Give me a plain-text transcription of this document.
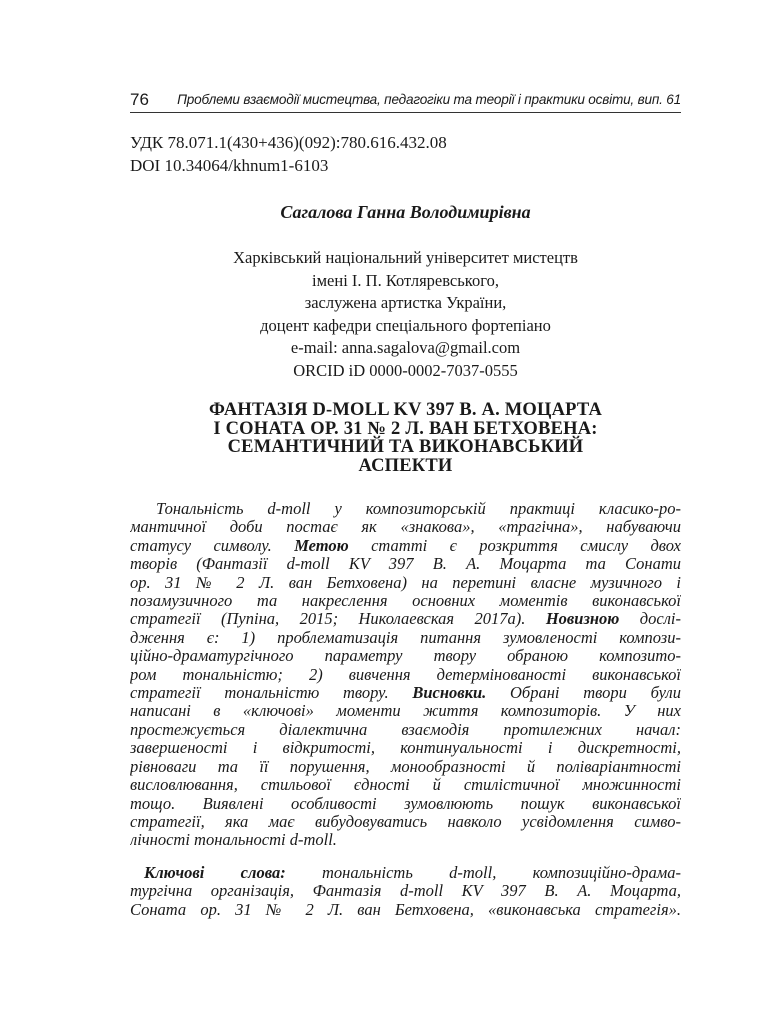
76 Проблеми взаємодії мистецтва, педагогіки та теорії і практики освіти, вип. 61
УДК 78.071.1(430+436)(092):780.616.432.08
DOI 10.34064/khnum1-6103
Сагалова Ганна Володимирівна
Харківський національний університет мистецтв
імені І. П. Котляревського,
заслужена артистка України,
доцент кафедри спеціального фортепіано
e-mail: anna.sagalova@gmail.com
ORCID iD 0000-0002-7037-0555
ФАНТАЗІЯ D-MOLL KV 397 В. А. МОЦАРТА
І СОНАТА ОР. 31 № 2 Л. ВАН БЕТХОВЕНА:
СЕМАНТИЧНИЙ ТА ВИКОНАВСЬКИЙ
АСПЕКТИ
Тональність d-moll у композиторській практиці класико-ро-
мантичної доби постає як «знакова», «трагічна», набуваючи
статусу символу. Метою статті є розкриття смислу двох
творів (Фантазії d-moll KV 397 В. А. Моцарта та Сонати
ор. 31 № 2 Л. ван Бетховена) на перетині власне музичного і
позамузичного та накреслення основних моментів виконавської
стратегії (Пупіна, 2015; Николаевская 2017a). Новизною дослі-
дження є: 1) проблематизація питання зумовленості компози-
ційно-драматургічного параметру твору обраною композито-
ром тональністю; 2) вивчення детермінованості виконавської
стратегії тональністю твору. Висновки. Обрані твори були
написані в «ключові» моменти життя композиторів. У них
простежується діалектична взаємодія протилежних начал:
завершеності і відкритості, континуальності і дискретності,
рівноваги та її порушення, монообразності й поліваріантності
висловлювання, стильової єдності й стилістичної множинності
тощо. Виявлені особливості зумовлюють пошук виконавської
стратегії, яка має вибудовуватись навколо усвідомлення симво-
лічності тональності d-moll.
Ключові слова: тональність d-moll, композиційно-драма-
тургічна організація, Фантазія d-moll KV 397 В. А. Моцарта,
Соната ор. 31 № 2 Л. ван Бетховена, «виконавська стратегія».
